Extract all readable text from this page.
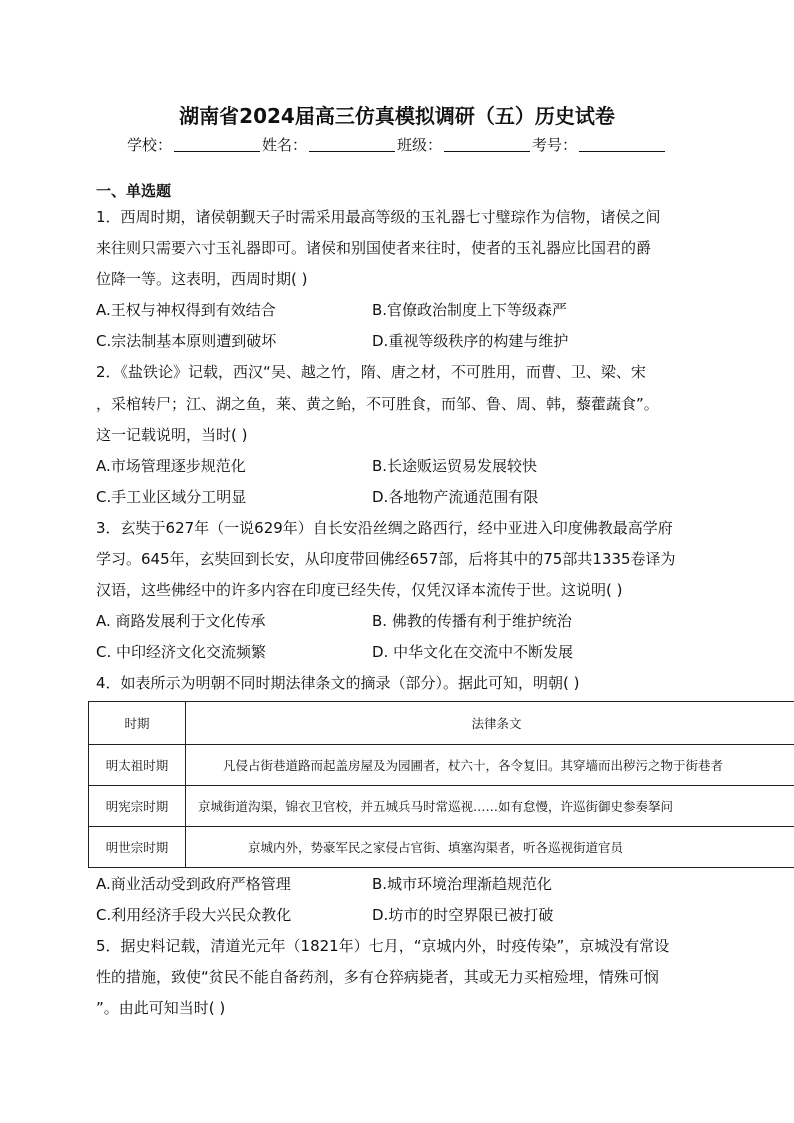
湖南省2024届高三仿真模拟调研（五）历史试卷
学校：	姓名：	班级：	考号：
一、单选题
1．西周时期，诸侯朝觐天子时需采用最高等级的玉礼器七寸璧琮作为信物，诸侯之间
来往则只需要六寸玉礼器即可。诸侯和别国使者来往时，使者的玉礼器应比国君的爵
位降一等。这表明，西周时期( )
A.王权与神权得到有效结合	B.官僚政治制度上下等级森严
C.宗法制基本原则遭到破坏	D.重视等级秩序的构建与维护
2．《盐铁论》记载，西汉“吴、越之竹，隋、唐之材，不可胜用，而曹、卫、梁、宋
，采棺转尸；江、湖之鱼，莱、黄之鲐，不可胜食，而邹、鲁、周、韩，藜藿蔬食”。
这一记载说明，当时( )
A.市场管理逐步规范化	B.长途贩运贸易发展较快
C.手工业区域分工明显	D.各地物产流通范围有限
3．玄奘于627年（一说629年）自长安沿丝绸之路西行，经中亚进入印度佛教最高学府
学习。645年，玄奘回到长安，从印度带回佛经657部，后将其中的75部共1335卷译为
汉语，这些佛经中的许多内容在印度已经失传，仅凭汉译本流传于世。这说明( )
A. 商路发展利于文化传承	B. 佛教的传播有利于维护统治
C. 中印经济文化交流频繁	D. 中华文化在交流中不断发展
4．如表所示为明朝不同时期法律条文的摘录（部分）。据此可知，明朝( )
时期	法律条文
明太祖时期	　　凡侵占街巷道路而起盖房屋及为园圃者，杖六十，各令复旧。其穿墙而出秽污之物于街巷者
明宪宗时期	京城街道沟渠，锦衣卫官校，并五城兵马时常巡视……如有怠慢，许巡街御史参奏拏问
明世宗时期	　　　　京城内外，势豪军民之家侵占官街、填塞沟渠者，听各巡视街道官员
A.商业活动受到政府严格管理	B.城市环境治理渐趋规范化
C.利用经济手段大兴民众教化	D.坊市的时空界限已被打破
5．据史料记载，清道光元年（1821年）七月，“京城内外，时疫传染”，京城没有常设
性的措施，致使“贫民不能自备药剂，多有仓猝病毙者，其或无力买棺殓埋，情殊可悯
”。由此可知当时( )
